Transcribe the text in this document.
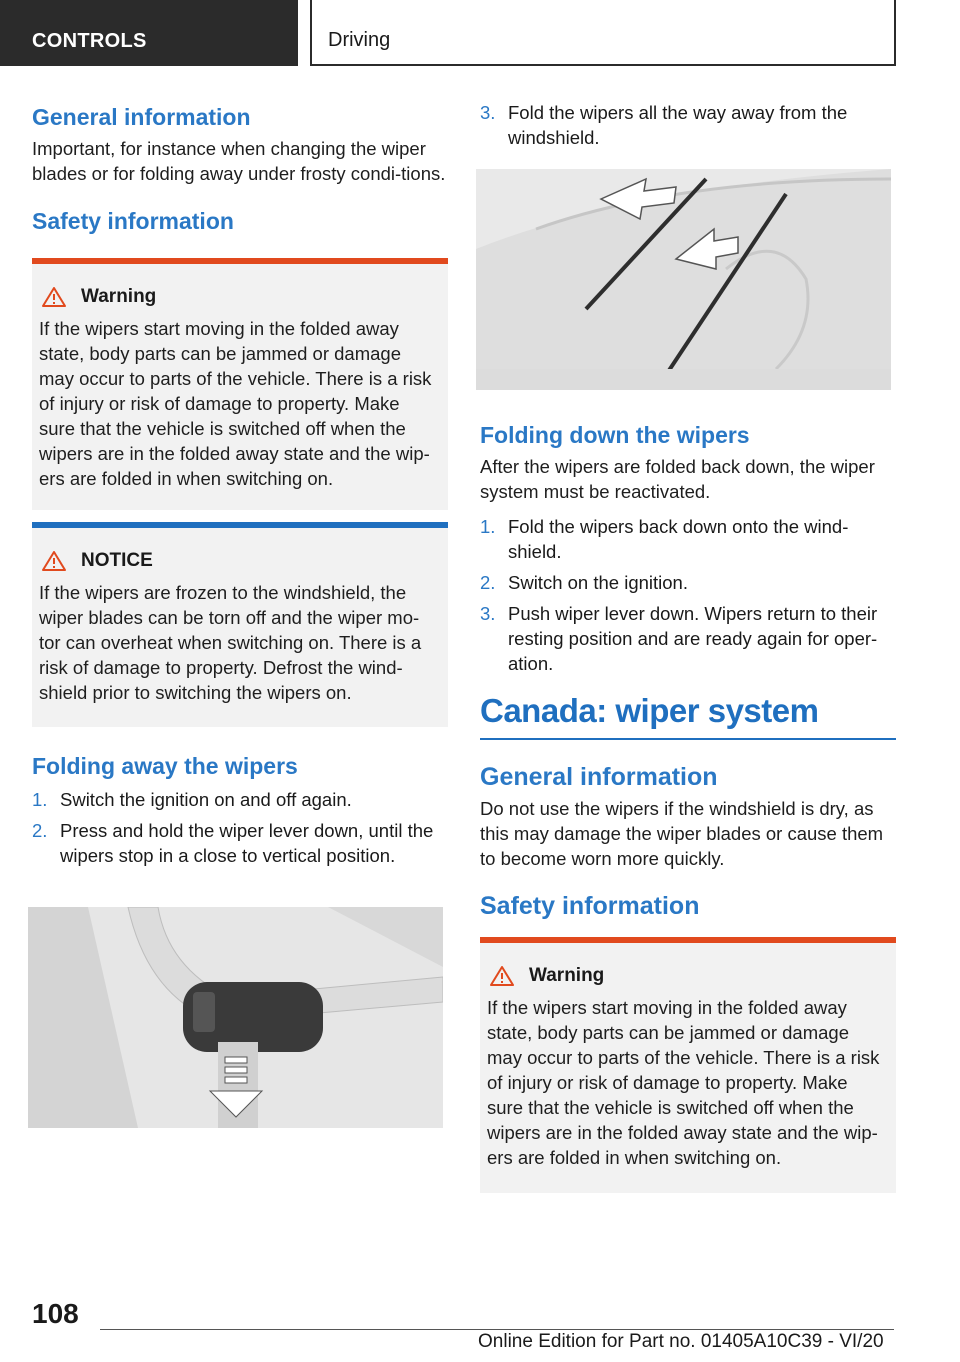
CONTROLS	Driving
General information

Important, for instance when changing the wiper blades or for folding away under frosty condi‐tions.

Safety information
Warning

If the wipers start moving in the folded away state, body parts can be jammed or damage may occur to parts of the vehicle. There is a risk of injury or risk of damage to property. Make sure that the vehicle is switched off when the wipers are in the folded away state and the wip‐ers are folded in when switching on.

NOTICE

If the wipers are frozen to the windshield, the wiper blades can be torn off and the wiper mo‐tor can overheat when switching on. There is a risk of damage to property. Defrost the wind‐shield prior to switching the wipers on.

Folding away the wipers
1. Switch the ignition on and off again.
2. Press and hold the wiper lever down, until the wipers stop in a close to vertical position.
3. Fold the wipers all the way away from the windshield.
Folding down the wipers

After the wipers are folded back down, the wiper system must be reactivated.

1. Fold the wipers back down onto the wind‐shield.
2. Switch on the ignition.
3. Push wiper lever down. Wipers return to their resting position and are ready again for oper‐ation.
Canada: wiper system
General information

Do not use the wipers if the windshield is dry, as this may damage the wiper blades or cause them to become worn more quickly.

Safety information
Warning

If the wipers start moving in the folded away state, body parts can be jammed or damage may occur to parts of the vehicle. There is a risk of injury or risk of damage to property. Make sure that the vehicle is switched off when the wipers are in the folded away state and the wip‐ers are folded in when switching on.

108
Online Edition for Part no. 01405A10C39 - VI/20
